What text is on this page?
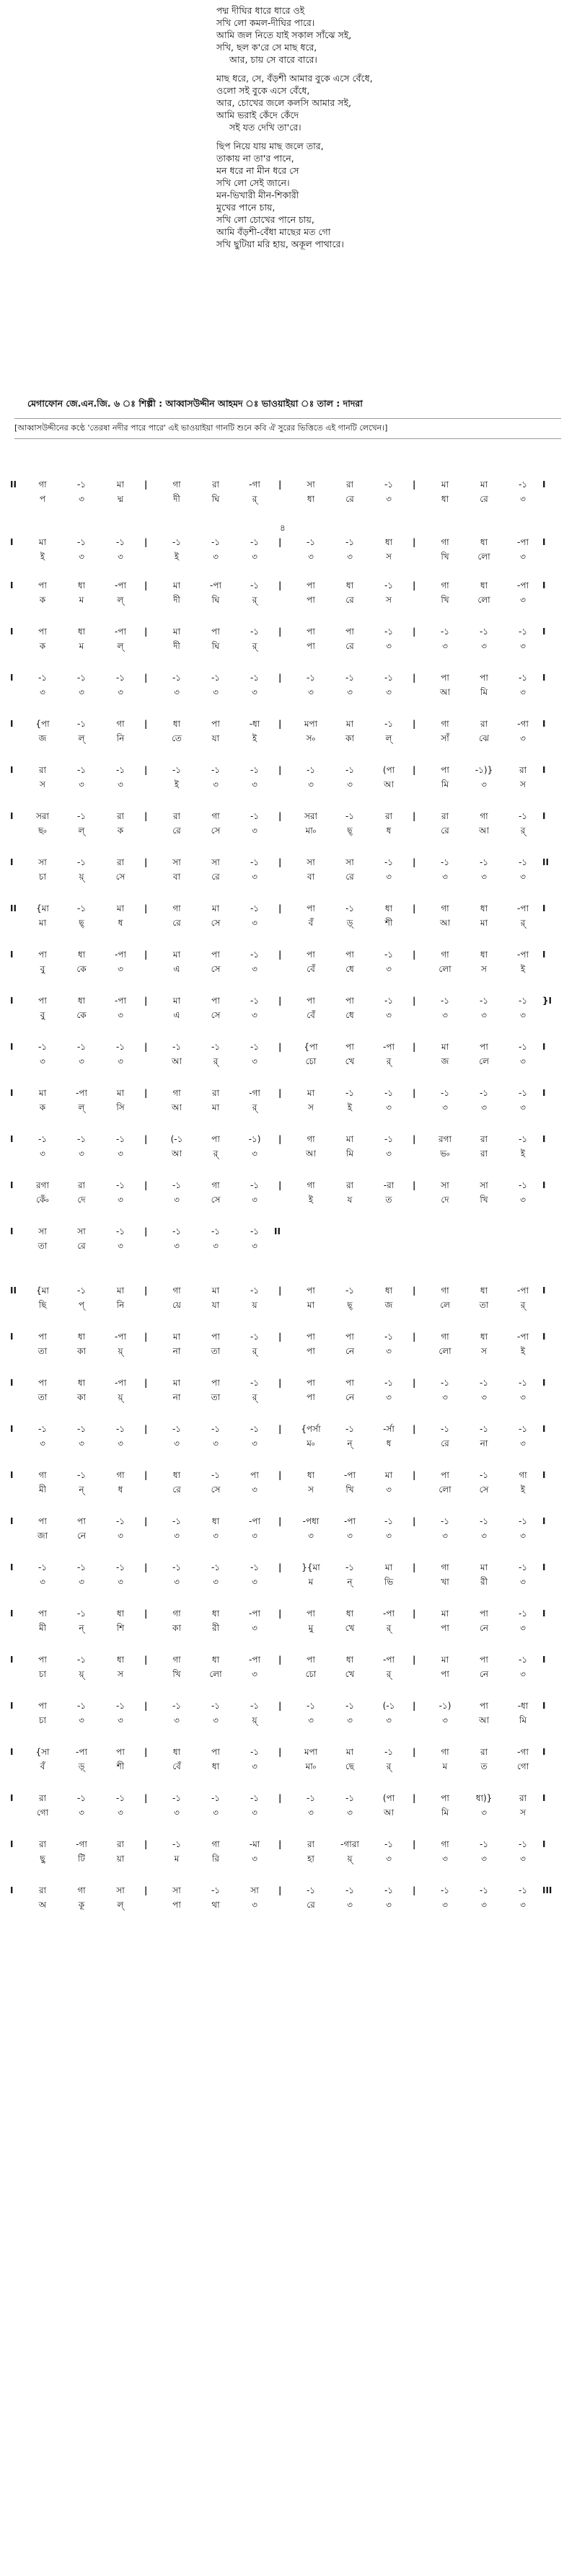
পদ্ম দীঘির ধারে ধারে ওই
সখি লো কমল-দীঘির পারে।
আমি জল নিতে যাই সকাল সাঁঝে সই,
সখি, ছল ক'রে সে মাছ ধরে,
আর, চায় সে বারে বারে।
মাছ ধরে, সে, বঁড়শী আমার বুকে এসে বেঁধে,
ওলো সই বুকে এসে বেঁধে,
আর, চোখের জলে কলসি আমার সই,
আমি ভরাই কেঁদে কেঁদে
সই যত দেখি তা'রে।
ছিপ নিয়ে যায় মাছ জলে তার,
তাকায় না তা'র পানে,
মন ধরে না মীন ধরে সে
সখি লো সেই জানে।
মন-ভিখারী মীন-শিকারী
মুখের পানে চায়,
সখি লো চোখের পানে চায়,
আমি বঁড়শী-বেঁধা মাছের মত গো
সখি ছুটিয়া মরি হায়, অকূল পাথারে।
মেগাফোন জে.এন.জি. ৬ ঃ শিল্পী : আব্বাসউদ্দীন আহমদ ঃ ভাওয়াইয়া ঃ তাল : দাদরা
[আব্বাসউদ্দীনের কণ্ঠে 'তেরষা নদীর পারে পারে' এই ভাওয়াইয়া গানটি শুনে কবি ঐ সুরের ভিত্তিতে এই গানটি লেখেন।]
II	|	|	|	I
গা	-১	মা	গা	রা	-গা	সা	রা	-১	মা	মা	-১
প	৩	দ্ম	দী	ঘি	র্	ধা	রে	৩	ধা	রে	৩
৪
I	|	|	|	I
মা	-১	-১	-১	-১	-১	-১	-১	ধা	গা	ধা	-পা
ই	৩	৩	ই	৩	৩	৩	৩	স	খি	লো	৩
I	|	|	|	I
পা	ধা	-পা	মা	-পা	-১	পা	ধা	-১	গা	ধা	-পা
ক	ম	ল্	দী	ঘি	র্	পা	রে	স	খি	লো	৩
I	|	|	|	I
পা	ধা	-পা	মা	পা	-১	পা	পা	-১	-১	-১	-১
ক	ম	ল্	দী	ঘি	র্	পা	রে	৩	৩	৩	৩
I	|	|	|	I
-১	-১	-১	-১	-১	-১	-১	-১	-১	পা	পা	-১
৩	৩	৩	৩	৩	৩	৩	৩	৩	আ	মি	৩
I	|	|	|	I
{পা	-১	গা	ধা	পা	-ধা	মপা	মা	-১	গা	রা	-গা
জ	ল্	নি	তে	যা	ই	স৹	কা	ল্	সাঁ	ঝে	৩
I	|	|	|	I
রা	-১	-১	-১	-১	-১	-১	-১	(পা	পা	-১)}	রা
স	৩	৩	ই	৩	৩	৩	৩	আ	মি	৩	স
I	|	|	|	I
সরা	-১	রা	রা	গা	-১	সরা	-১	রা	রা	গা	-১
ছ৹	ল্	ক	রে	সে	৩	মা৹	ছ্	ধ	রে	আ	র্
I	|	|	|	II
সা	-১	রা	সা	সা	-১	সা	সা	-১	-১	-১	-১
চা	য়্	সে	বা	রে	৩	বা	রে	৩	৩	৩	৩
II	|	|	|	I
{মা	-১	মা	গা	মা	-১	পা	-১	ধা	গা	ধা	-পা
মা	ছ্	ধ	রে	সে	৩	বঁ	ড়্	শী	আ	মা	র্
I	|	|	|	I
পা	ধা	-পা	মা	পা	-১	পা	পা	-১	গা	ধা	-পা
বু	কে	৩	এ	সে	৩	বেঁ	ধে	৩	লো	স	ই
I	|	|	|	}I
পা	ধা	-পা	মা	পা	-১	পা	পা	-১	-১	-১	-১
বু	কে	৩	এ	সে	৩	বেঁ	ধে	৩	৩	৩	৩
I	|	|	|	I
-১	-১	-১	-১	-১	-১	{পা	পা	-পা	মা	পা	-১
৩	৩	৩	আ	র্	৩	চো	খে	র্	জ	লে	৩
I	|	|	|	I
মা	-পা	মা	গা	রা	-গা	মা	-১	-১	-১	-১	-১
ক	ল্	সি	আ	মা	র্	স	ই	৩	৩	৩	৩
I	|	|	|	I
-১	-১	-১	(-১	পা	-১)	গা	মা	-১	রগা	রা	-১
৩	৩	৩	আ	র্	৩	আ	মি	৩	ভ৹	রা	ই
I	|	|	|	I
রগা	রা	-১	-১	গা	-১	গা	রা	-রা	সা	সা	-১
কেঁ৹	দে	৩	৩	সে	৩	ই	য	ত	দে	খি	৩
I	|	II
সা	সা	-১	-১	-১	-১
তা	রে	৩	৩	৩	৩
II	|	|	|	I
{মা	-১	মা	গা	মা	-১	পা	-১	ধা	গা	ধা	-পা
ছি	প্	নি	য়ে	যা	য়	মা	ছ্	জ	লে	তা	র্
I	|	|	|	I
পা	ধা	-পা	মা	পা	-১	পা	পা	-১	গা	ধা	-পা
তা	কা	য়্	না	তা	র্	পা	নে	৩	লো	স	ই
I	|	|	|	I
পা	ধা	-পা	মা	পা	-১	পা	পা	-১	-১	-১	-১
তা	কা	য়্	না	তা	র্	পা	নে	৩	৩	৩	৩
I	|	|	|	I
-১	-১	-১	-১	-১	-১	{পর্সা	-১	-র্সা	-১	-১	-১
৩	৩	৩	৩	৩	৩	ম৹	ন্	ধ	রে	না	৩
I	|	|	|	I
গা	-১	গা	ধা	-১	পা	ধা	-পা	মা	পা	-১	গা
মী	ন্	ধ	রে	সে	৩	স	খি	৩	লো	সে	ই
I	|	|	|	I
পা	পা	-১	-১	ধা	-পা	-পধা	-পা	-১	-১	-১	-১
জা	নে	৩	৩	৩	৩	৩	৩	৩	৩	৩	৩
I	|	|	|	I
-১	-১	-১	-১	-১	-১	}{মা	-১	মা	গা	মা	-১
৩	৩	৩	৩	৩	৩	ম	ন্	ভি	খা	রী	৩
I	|	|	|	I
পা	-১	ধা	গা	ধা	-পা	পা	ধা	-পা	মা	পা	-১
মী	ন্	শি	কা	রী	৩	মু	খে	র্	পা	নে	৩
I	|	|	|	I
পা	-১	ধা	গা	ধা	-পা	পা	ধা	-পা	মা	পা	-১
চা	য়্	স	খি	লো	৩	চো	খে	র্	পা	নে	৩
I	|	|	|	I
পা	-১	-১	-১	-১	-১	-১	-১	(-১	-১)	পা	-ধা
চা	৩	৩	৩	৩	য়্	৩	৩	৩	৩	আ	মি
I	|	|	|	I
{সা	-পা	পা	ধা	পা	-১	মপা	মা	-১	গা	রা	-গা
বঁ	ড়্	শী	বেঁ	ধা	৩	মা৹	ছে	র্	ম	ত	গো
I	|	|	|	I
রা	-১	-১	-১	-১	-১	-১	-১	(পা	পা	ধা)}	রা
গো	৩	৩	৩	৩	৩	৩	৩	আ	মি	৩	স
I	|	|	|	I
রা	-গা	রা	-১	গা	-মা	রা	-গারা	-১	গা	-১	-১
ছু	টি	য়া	ম	রি	৩	হা	য়্	৩	৩	৩	৩
I	|	|	|	III
রা	গা	সা	সা	-১	সা	-১	-১	-১	-১	-১	-১
অ	কূ	ল্	পা	থা	৩	রে	৩	৩	৩	৩	৩
